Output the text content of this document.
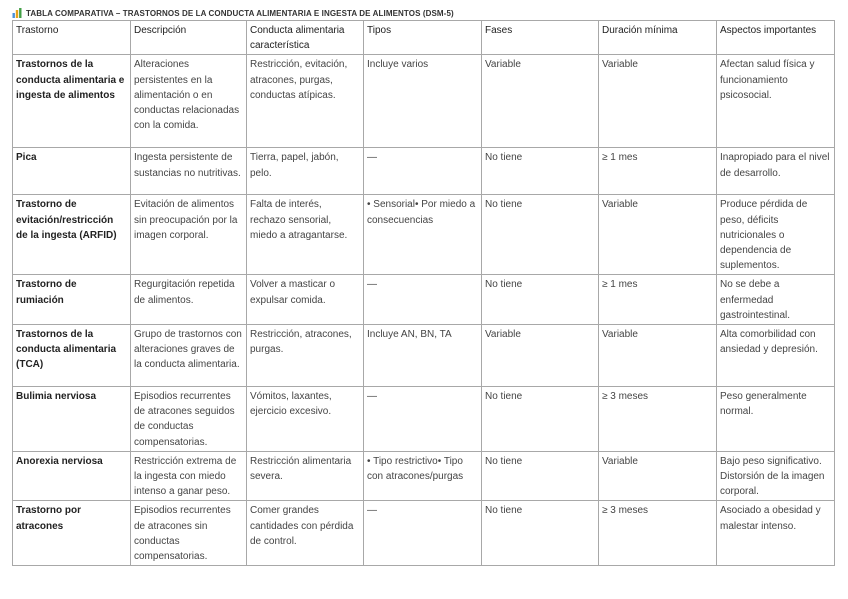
TABLA COMPARATIVA – TRASTORNOS DE LA CONDUCTA ALIMENTARIA E INGESTA DE ALIMENTOS (DSM-5)
Trastorno	Descripción	Conducta alimentaria característica	Tipos	Fases	Duración mínima	Aspectos importantes
Trastornos de la conducta alimentaria e ingesta de alimentos	Alteraciones persistentes en la alimentación o en conductas relacionadas con la comida.	Restricción, evitación, atracones, purgas, conductas atípicas.	Incluye varios	Variable	Variable	Afectan salud física y funcionamiento psicosocial.
Pica	Ingesta persistente de sustancias no nutritivas.	Tierra, papel, jabón, pelo.	—	No tiene	≥ 1 mes	Inapropiado para el nivel de desarrollo.
Trastorno de evitación/restricción de la ingesta (ARFID)	Evitación de alimentos sin preocupación por la imagen corporal.	Falta de interés, rechazo sensorial, miedo a atragantarse.	• Sensorial• Por miedo a consecuencias	No tiene	Variable	Produce pérdida de peso, déficits nutricionales o dependencia de suplementos.
Trastorno de rumiación	Regurgitación repetida de alimentos.	Volver a masticar o expulsar comida.	—	No tiene	≥ 1 mes	No se debe a enfermedad gastrointestinal.
Trastornos de la conducta alimentaria (TCA)	Grupo de trastornos con alteraciones graves de la conducta alimentaria.	Restricción, atracones, purgas.	Incluye AN, BN, TA	Variable	Variable	Alta comorbilidad con ansiedad y depresión.
Bulimia nerviosa	Episodios recurrentes de atracones seguidos de conductas compensatorias.	Vómitos, laxantes, ejercicio excesivo.	—	No tiene	≥ 3 meses	Peso generalmente normal.
Anorexia nerviosa	Restricción extrema de la ingesta con miedo intenso a ganar peso.	Restricción alimentaria severa.	• Tipo restrictivo• Tipo con atracones/purgas	No tiene	Variable	Bajo peso significativo. Distorsión de la imagen corporal.
Trastorno por atracones	Episodios recurrentes de atracones sin conductas compensatorias.	Comer grandes cantidades con pérdida de control.	—	No tiene	≥ 3 meses	Asociado a obesidad y malestar intenso.
